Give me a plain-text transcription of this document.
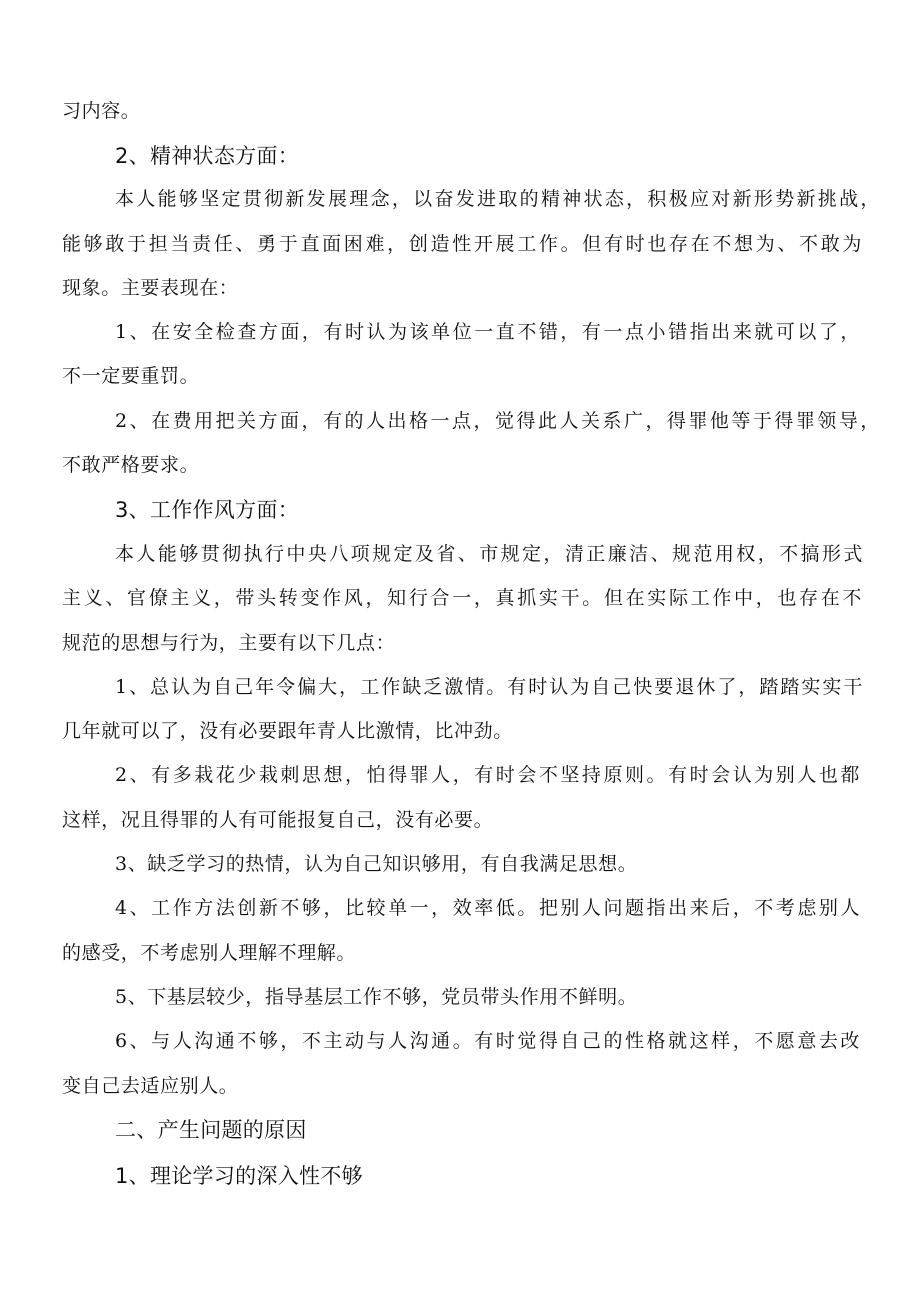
习内容。
2、精神状态方面：
本人能够坚定贯彻新发展理念，以奋发进取的精神状态，积极应对新形势新挑战，
能够敢于担当责任、勇于直面困难，创造性开展工作。但有时也存在不想为、不敢为
现象。主要表现在：
1、在安全检查方面，有时认为该单位一直不错，有一点小错指出来就可以了，
不一定要重罚。
2、在费用把关方面，有的人出格一点，觉得此人关系广，得罪他等于得罪领导，
不敢严格要求。
3、工作作风方面：
本人能够贯彻执行中央八项规定及省、市规定，清正廉洁、规范用权，不搞形式
主义、官僚主义，带头转变作风，知行合一，真抓实干。但在实际工作中，也存在不
规范的思想与行为，主要有以下几点：
1、总认为自己年令偏大，工作缺乏激情。有时认为自己快要退休了，踏踏实实干
几年就可以了，没有必要跟年青人比激情，比冲劲。
2、有多栽花少栽刺思想，怕得罪人，有时会不坚持原则。有时会认为别人也都
这样，况且得罪的人有可能报复自己，没有必要。
3、缺乏学习的热情，认为自己知识够用，有自我满足思想。
4、工作方法创新不够，比较单一，效率低。把别人问题指出来后，不考虑别人
的感受，不考虑别人理解不理解。
5、下基层较少，指导基层工作不够，党员带头作用不鲜明。
6、与人沟通不够，不主动与人沟通。有时觉得自己的性格就这样，不愿意去改
变自己去适应别人。
二、产生问题的原因
1、理论学习的深入性不够
